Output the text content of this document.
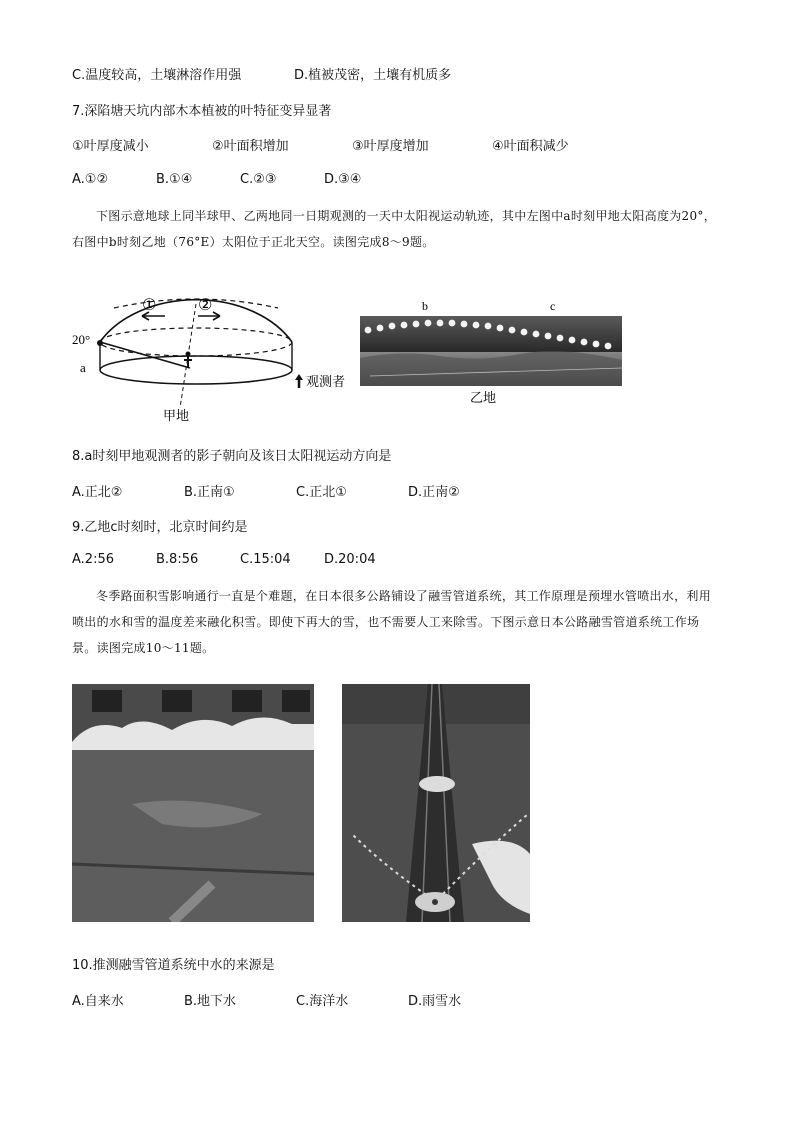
C.温度较高，土壤淋溶作用强	D.植被茂密，土壤有机质多
7.深陷塘天坑内部木本植被的叶特征变异显著
①叶厚度减小	②叶面积增加	③叶厚度增加	④叶面积减少
A.①②	B.①④	C.②③	D.③④
下图示意地球上同半球甲、乙两地同一日期观测的一天中太阳视运动轨迹，其中左图中a时刻甲地太阳高度为20°，右图中b时刻乙地（76°E）太阳位于正北天空。读图完成8～9题。
20°
a
①	②
甲地
观测者
b	c
乙地
8.a时刻甲地观测者的影子朝向及该日太阳视运动方向是
A.正北②	B.正南①	C.正北①	D.正南②
9.乙地c时刻时，北京时间约是
A.2:56	B.8:56	C.15:04	D.20:04
冬季路面积雪影响通行一直是个难题，在日本很多公路铺设了融雪管道系统，其工作原理是预埋水管喷出水，利用喷出的水和雪的温度差来融化积雪。即使下再大的雪，也不需要人工来除雪。下图示意日本公路融雪管道系统工作场景。读图完成10～11题。
10.推测融雪管道系统中水的来源是
A.自来水	B.地下水	C.海洋水	D.雨雪水
